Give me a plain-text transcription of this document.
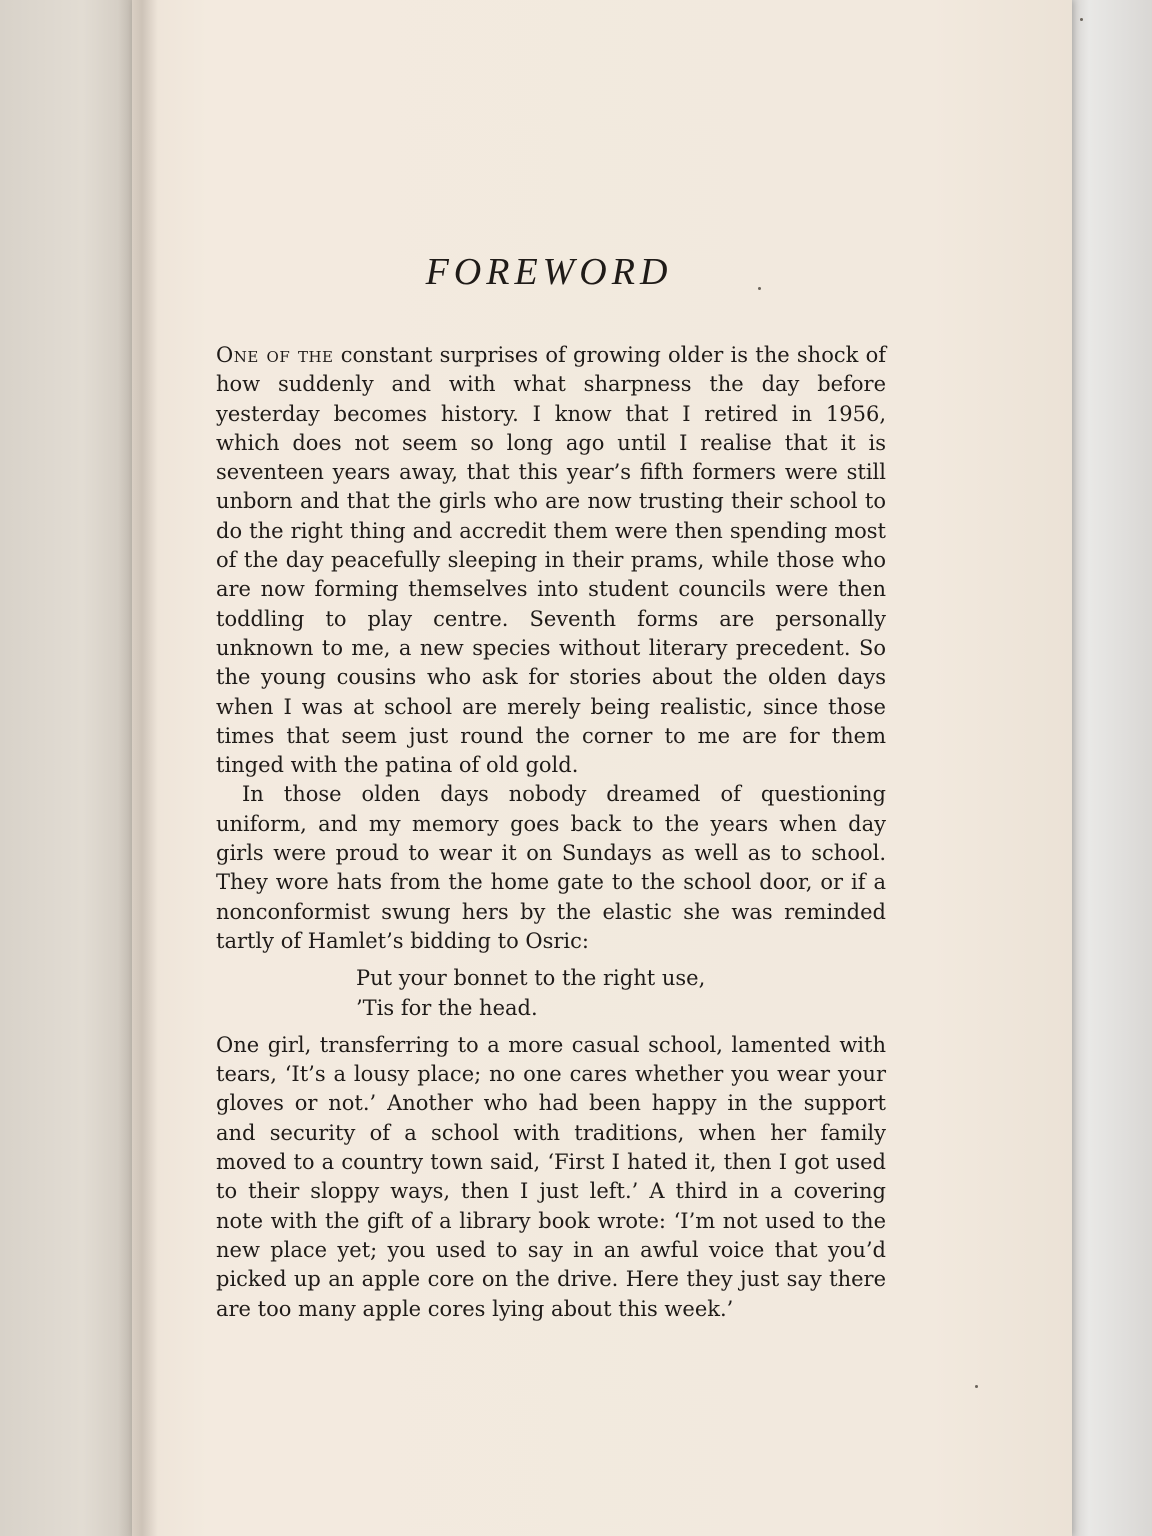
FOREWORD

One of the constant surprises of growing older is the shock of how suddenly and with what sharpness the day before yesterday becomes history. I know that I retired in 1956, which does not seem so long ago until I realise that it is seventeen years away, that this year’s fifth formers were still unborn and that the girls who are now trusting their school to do the right thing and accredit them were then spending most of the day peacefully sleeping in their prams, while those who are now forming themselves into student councils were then toddling to play centre. Seventh forms are personally unknown to me, a new species without literary precedent. So the young cousins who ask for stories about the olden days when I was at school are merely being realistic, since those times that seem just round the corner to me are for them tinged with the patina of old gold.

In those olden days nobody dreamed of questioning uniform, and my memory goes back to the years when day girls were proud to wear it on Sundays as well as to school. They wore hats from the home gate to the school door, or if a nonconformist swung hers by the elastic she was reminded tartly of Hamlet’s bidding to Osric:

Put your bonnet to the right use,
’Tis for the head.

One girl, transferring to a more casual school, lamented with tears, ‘It’s a lousy place; no one cares whether you wear your gloves or not.’ Another who had been happy in the support and security of a school with traditions, when her family moved to a country town said, ‘First I hated it, then I got used to their sloppy ways, then I just left.’ A third in a covering note with the gift of a library book wrote: ‘I’m not used to the new place yet; you used to say in an awful voice that you’d picked up an apple core on the drive. Here they just say there are too many apple cores lying about this week.’
